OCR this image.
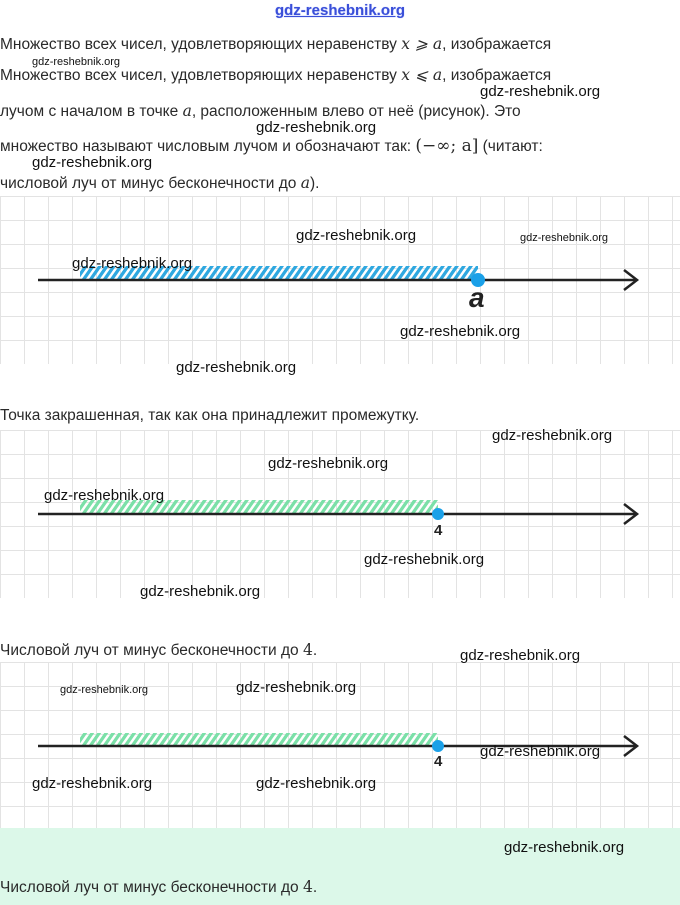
gdz-reshebnik.org
Множество всех чисел, удовлетворяющих неравенству x ⩾ a, изображается
gdz-reshebnik.org
Множество всех чисел, удовлетворяющих неравенству x ⩽ a, изображается
gdz-reshebnik.org
лучом с началом в точке a, расположенным влево от неё (рисунок). Это
gdz-reshebnik.org
множество называют числовым лучом и обозначают так: (−∞; a] (читают:
gdz-reshebnik.org
числовой луч от минус бесконечности до a).
a
gdz-reshebnik.org	gdz-reshebnik.org
gdz-reshebnik.org
gdz-reshebnik.org
gdz-reshebnik.org
Точка закрашенная, так как она принадлежит промежутку.
4
gdz-reshebnik.org
gdz-reshebnik.org
gdz-reshebnik.org
gdz-reshebnik.org
gdz-reshebnik.org
Числовой луч от минус бесконечности до 4.
4
gdz-reshebnik.org
gdz-reshebnik.org	gdz-reshebnik.org
gdz-reshebnik.org
gdz-reshebnik.org	gdz-reshebnik.org
gdz-reshebnik.org
Числовой луч от минус бесконечности до 4.
